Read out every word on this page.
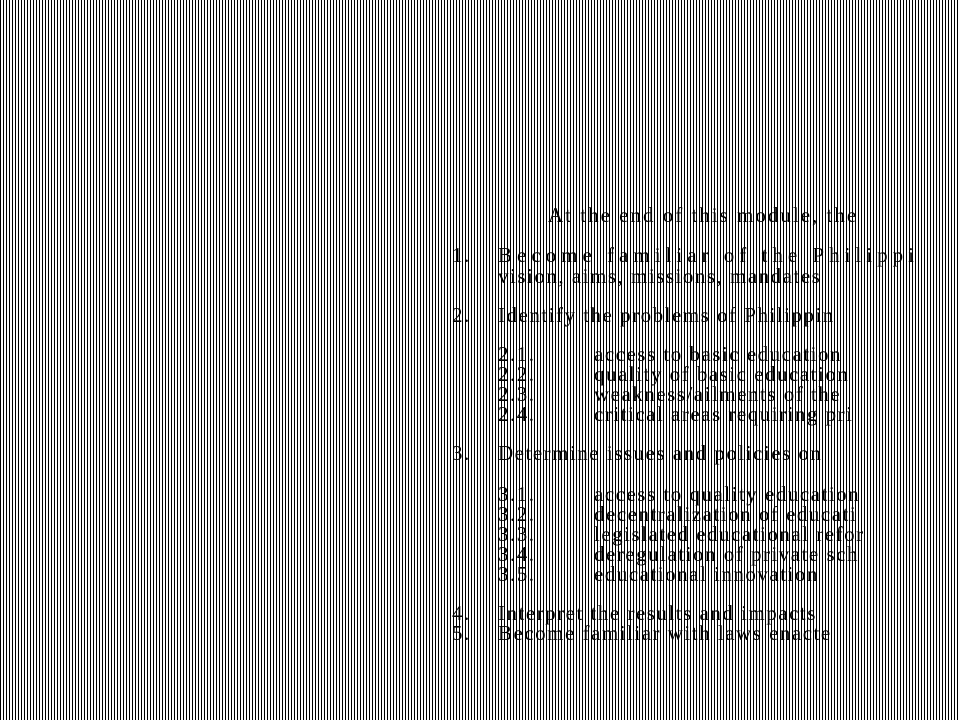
At the end of this module, the
1. Become familiar of the Philippi
vision, aims, missions, mandates
2. Identify the problems of Philippin
2.1.	access to basic education
2.2.	quality of basic education
2.3.	weakness/ailments of the
2.4.	critical areas requiring pri
3. Determine issues and policies on
3.1.	access to quality education
3.2.	decentralization of educati
3.3.	legislated educational refor
3.4.	deregulation of private sch
3.5.	educational innovation
4. Interpret the results and impacts
5. Become familiar with laws enacte
